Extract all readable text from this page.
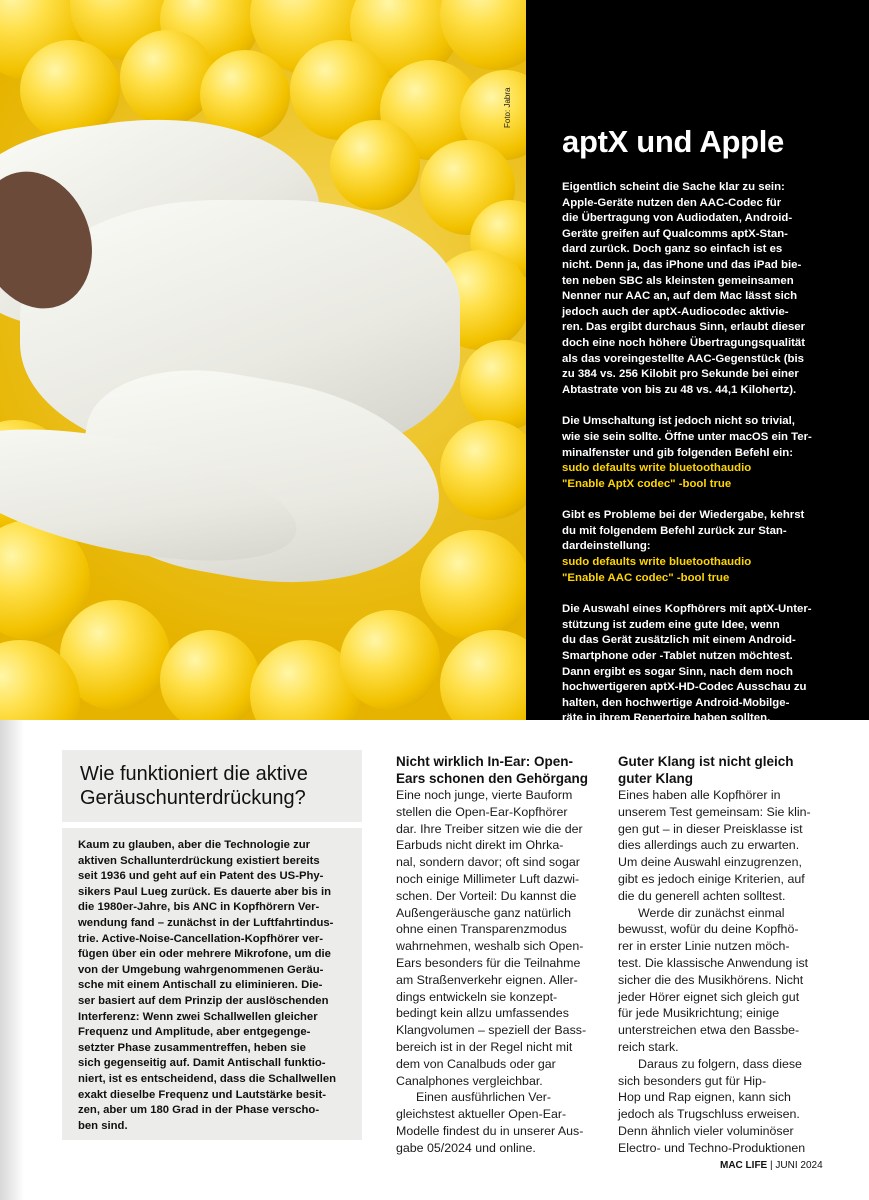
Foto: Jabra
aptX und Apple
Eigentlich scheint die Sache klar zu sein:
Apple-Geräte nutzen den AAC-Codec für
die Übertragung von Audiodaten, Android-
Geräte greifen auf Qualcomms aptX-Stan-
dard zurück. Doch ganz so einfach ist es
nicht. Denn ja, das iPhone und das iPad bie-
ten neben SBC als kleinsten gemeinsamen
Nenner nur AAC an, auf dem Mac lässt sich
jedoch auch der aptX-Audiocodec aktivie-
ren. Das ergibt durchaus Sinn, erlaubt dieser
doch eine noch höhere Übertragungsqualität
als das voreingestellte AAC-Gegenstück (bis
zu 384 vs. 256 Kilobit pro Sekunde bei einer
Abtastrate von bis zu 48 vs. 44,1 Kilohertz).
Die Umschaltung ist jedoch nicht so trivial,
wie sie sein sollte. Öffne unter macOS ein Ter-
minalfenster und gib folgenden Befehl ein:
sudo defaults write bluetoothaudio
"Enable AptX codec" -bool true
Gibt es Probleme bei der Wiedergabe, kehrst
du mit folgendem Befehl zurück zur Stan-
dardeinstellung:
sudo defaults write bluetoothaudio
"Enable AAC codec" -bool true
Die Auswahl eines Kopfhörers mit aptX-Unter-
stützung ist zudem eine gute Idee, wenn
du das Gerät zusätzlich mit einem Android-
Smartphone oder -Tablet nutzen möchtest.
Dann ergibt es sogar Sinn, nach dem noch
hochwertigeren aptX-HD-Codec Ausschau zu
halten, den hochwertige Android-Mobilge-
räte in ihrem Repertoire haben sollten.
Wie funktioniert die aktive
Geräuschunterdrückung?
Kaum zu glauben, aber die Technologie zur
aktiven Schallunterdrückung existiert bereits
seit 1936 und geht auf ein Patent des US-Phy-
sikers Paul Lueg zurück. Es dauerte aber bis in
die 1980er-Jahre, bis ANC in Kopfhörern Ver-
wendung fand – zunächst in der Luftfahrtindus-
trie. Active-Noise-Cancellation-Kopfhörer ver-
fügen über ein oder mehrere Mikrofone, um die
von der Umgebung wahrgenommenen Geräu-
sche mit einem Antischall zu eliminieren. Die-
ser basiert auf dem Prinzip der auslöschenden
Interferenz: Wenn zwei Schallwellen gleicher
Frequenz und Amplitude, aber entgegenge-
setzter Phase zusammentreffen, heben sie
sich gegenseitig auf. Damit Antischall funktio-
niert, ist es entscheidend, dass die Schallwellen
exakt dieselbe Frequenz und Lautstärke besit-
zen, aber um 180 Grad in der Phase verscho-
ben sind.
Nicht wirklich In-Ear: Open-
Ears schonen den Gehörgang
Eine noch junge, vierte Bauform
stellen die Open-Ear-Kopfhörer
dar. Ihre Treiber sitzen wie die der
Earbuds nicht direkt im Ohrka-
nal, sondern davor; oft sind sogar
noch einige Millimeter Luft dazwi-
schen. Der Vorteil: Du kannst die
Außengeräusche ganz natürlich
ohne einen Transparenzmodus
wahrnehmen, weshalb sich Open-
Ears besonders für die Teilnahme
am Straßenverkehr eignen. Aller-
dings entwickeln sie konzept-
bedingt kein allzu umfassendes
Klangvolumen – speziell der Bass-
bereich ist in der Regel nicht mit
dem von Canalbuds oder gar
Canalphones vergleichbar.
Einen ausführlichen Ver-
gleichstest aktueller Open-Ear-
Modelle findest du in unserer Aus-
gabe 05/2024 und online.
Guter Klang ist nicht gleich
guter Klang
Eines haben alle Kopfhörer in
unserem Test gemeinsam: Sie klin-
gen gut – in dieser Preisklasse ist
dies allerdings auch zu erwarten.
Um deine Auswahl einzugrenzen,
gibt es jedoch einige Kriterien, auf
die du generell achten solltest.
Werde dir zunächst einmal
bewusst, wofür du deine Kopfhö-
rer in erster Linie nutzen möch-
test. Die klassische Anwendung ist
sicher die des Musikhörens. Nicht
jeder Hörer eignet sich gleich gut
für jede Musikrichtung; einige
unterstreichen etwa den Bassbe-
reich stark.
Daraus zu folgern, dass diese
sich besonders gut für Hip-
Hop und Rap eignen, kann sich
jedoch als Trugschluss erweisen.
Denn ähnlich vieler voluminöser
Electro- und Techno-Produktionen
MAC LIFE | JUNI 2024
